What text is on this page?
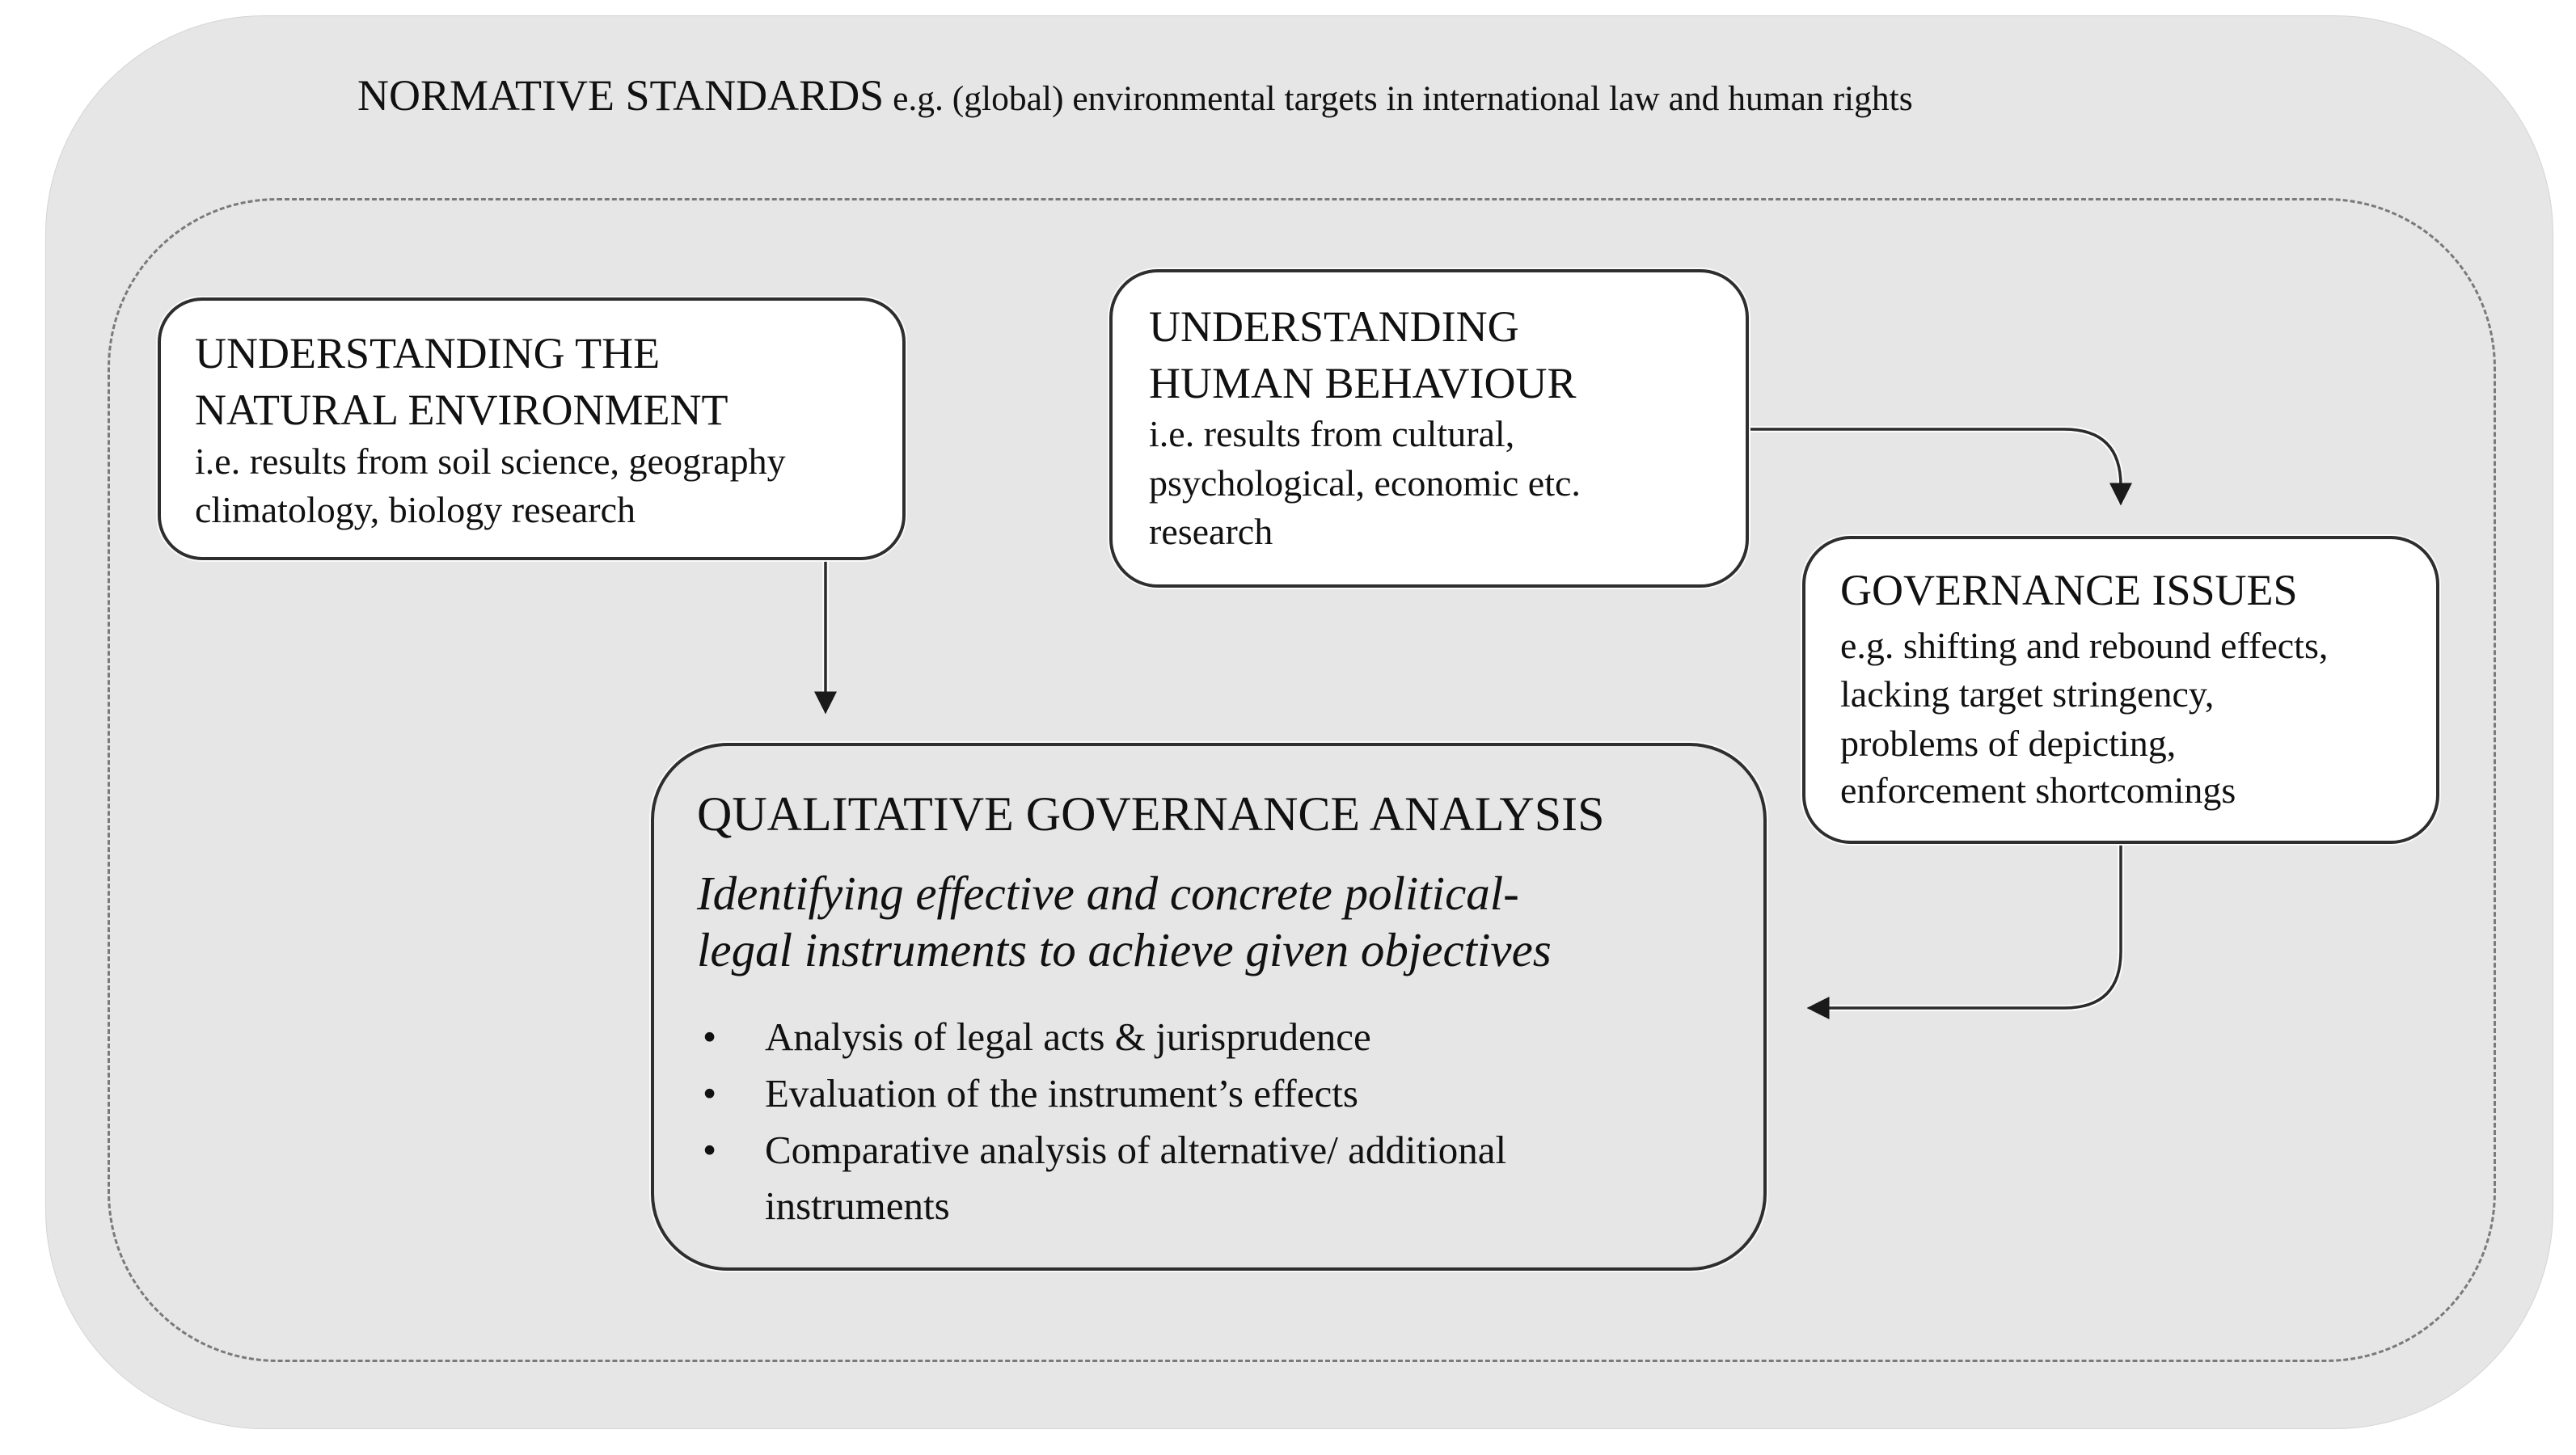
NORMATIVE STANDARDS e.g. (global) environmental targets in international law and human rights
UNDERSTANDING THE
NATURAL ENVIRONMENT
i.e. results from soil science, geography
climatology, biology research
UNDERSTANDING
HUMAN BEHAVIOUR
i.e. results from cultural,
psychological, economic etc.
research
GOVERNANCE ISSUES
e.g. shifting and rebound effects,
lacking target stringency,
problems of depicting,
enforcement shortcomings
QUALITATIVE GOVERNANCE ANALYSIS
Identifying effective and concrete political-
legal instruments to achieve given objectives
• Analysis of legal acts & jurisprudence
• Evaluation of the instrument’s effects
• Comparative analysis of alternative/ additional
instruments
